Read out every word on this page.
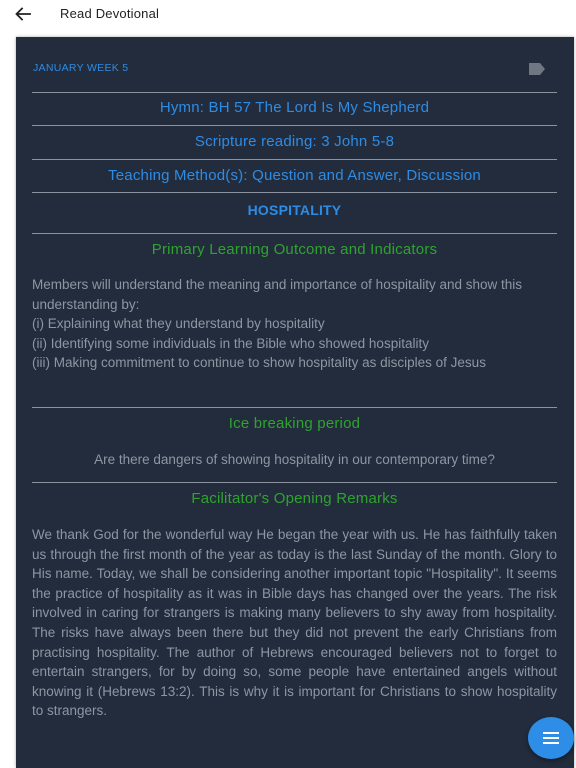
Read Devotional
JANUARY WEEK 5
Hymn: BH 57 The Lord Is My Shepherd
Scripture reading: 3 John 5-8
Teaching Method(s): Question and Answer, Discussion
HOSPITALITY
Primary Learning Outcome and Indicators
Members will understand the meaning and importance of hospitality and show this understanding by:
(i) Explaining what they understand by hospitality
(ii) Identifying some individuals in the Bible who showed hospitality
(iii) Making commitment to continue to show hospitality as disciples of Jesus
Ice breaking period
Are there dangers of showing hospitality in our contemporary time?
Facilitator's Opening Remarks
We thank God for the wonderful way He began the year with us. He has faithfully taken us through the first month of the year as today is the last Sunday of the month. Glory to His name. Today, we shall be considering another important topic "Hospitality". It seems the practice of hospitality as it was in Bible days has changed over the years. The risk involved in caring for strangers is making many believers to shy away from hospitality. The risks have always been there but they did not prevent the early Christians from practising hospitality. The author of Hebrews encouraged believers not to forget to entertain strangers, for by doing so, some people have entertained angels without knowing it (Hebrews 13:2). This is why it is important for Christians to show hospitality to strangers.
